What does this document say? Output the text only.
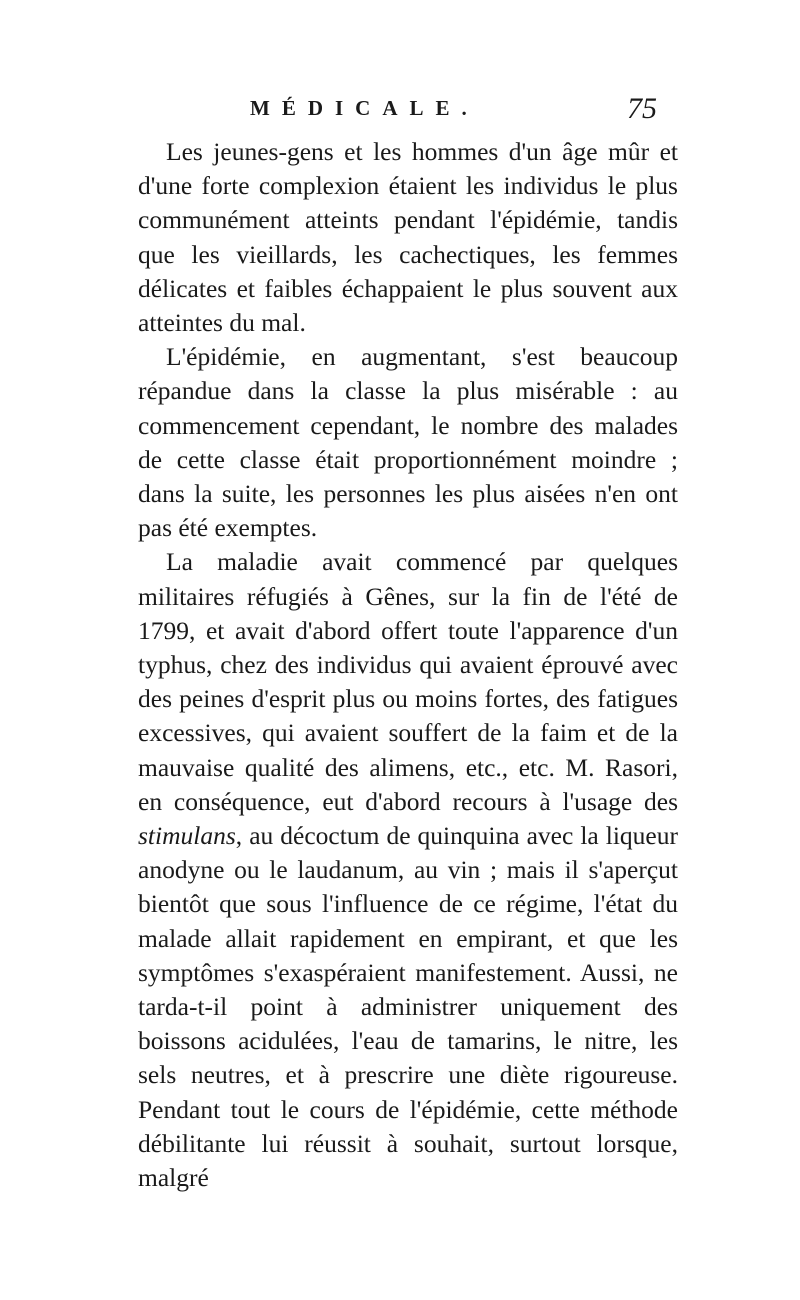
MÉDICALE.	75

Les jeunes-gens et les hommes d'un âge mûr et d'une forte complexion étaient les individus le plus communément atteints pendant l'épidémie, tandis que les vieillards, les cachectiques, les femmes délicates et faibles échappaient le plus souvent aux atteintes du mal.

L'épidémie, en augmentant, s'est beaucoup répandue dans la classe la plus misérable : au commencement cependant, le nombre des malades de cette classe était proportionnément moindre ; dans la suite, les personnes les plus aisées n'en ont pas été exemptes.

La maladie avait commencé par quelques militaires réfugiés à Gênes, sur la fin de l'été de 1799, et avait d'abord offert toute l'apparence d'un typhus, chez des individus qui avaient éprouvé avec des peines d'esprit plus ou moins fortes, des fatigues excessives, qui avaient souffert de la faim et de la mauvaise qualité des alimens, etc., etc. M. Rasori, en conséquence, eut d'abord recours à l'usage des stimulans, au décoctum de quinquina avec la liqueur anodyne ou le laudanum, au vin ; mais il s'aperçut bientôt que sous l'influence de ce régime, l'état du malade allait rapidement en empirant, et que les symptômes s'exaspéraient manifestement. Aussi, ne tarda-t-il point à administrer uniquement des boissons acidulées, l'eau de tamarins, le nitre, les sels neutres, et à prescrire une diète rigoureuse. Pendant tout le cours de l'épidémie, cette méthode débilitante lui réussit à souhait, surtout lorsque, malgré
